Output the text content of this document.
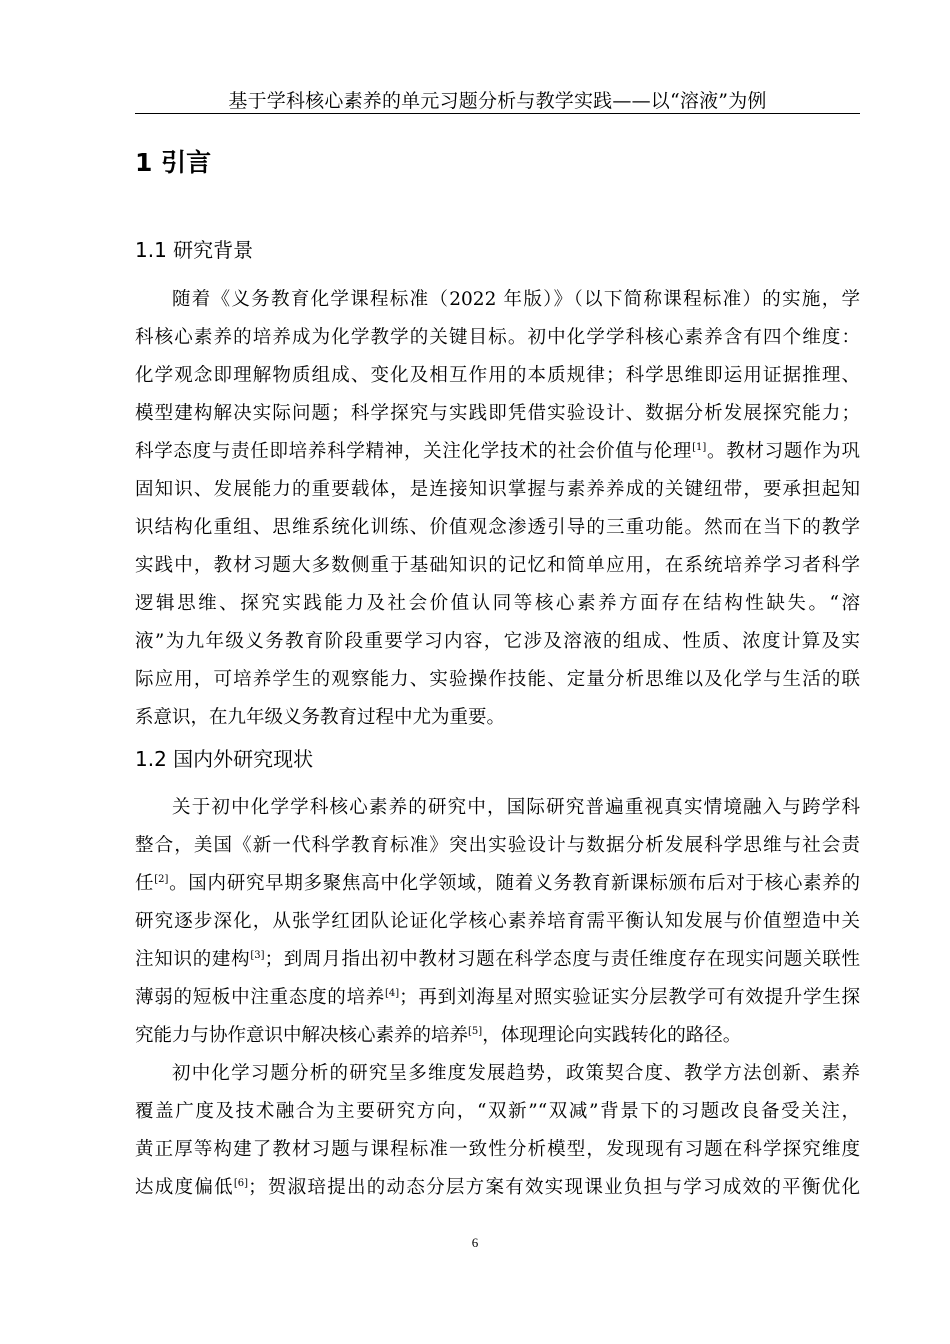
基于学科核心素养的单元习题分析与教学实践——以“溶液”为例
1 引言
1.1 研究背景
随着《义务教育化学课程标准（2022 年版）》（以下简称课程标准）的实施，学
科核心素养的培养成为化学教学的关键目标。初中化学学科核心素养含有四个维度：
化学观念即理解物质组成、变化及相互作用的本质规律；科学思维即运用证据推理、
模型建构解决实际问题；科学探究与实践即凭借实验设计、数据分析发展探究能力；
科学态度与责任即培养科学精神，关注化学技术的社会价值与伦理[1]。教材习题作为巩
固知识、发展能力的重要载体，是连接知识掌握与素养养成的关键纽带，要承担起知
识结构化重组、思维系统化训练、价值观念渗透引导的三重功能。然而在当下的教学
实践中，教材习题大多数侧重于基础知识的记忆和简单应用，在系统培养学习者科学
逻辑思维、探究实践能力及社会价值认同等核心素养方面存在结构性缺失。“溶
液”为九年级义务教育阶段重要学习内容，它涉及溶液的组成、性质、浓度计算及实
际应用，可培养学生的观察能力、实验操作技能、定量分析思维以及化学与生活的联
系意识，在九年级义务教育过程中尤为重要。
1.2 国内外研究现状
关于初中化学学科核心素养的研究中，国际研究普遍重视真实情境融入与跨学科
整合，美国《新一代科学教育标准》突出实验设计与数据分析发展科学思维与社会责
任[2]。国内研究早期多聚焦高中化学领域，随着义务教育新课标颁布后对于核心素养的
研究逐步深化，从张学红团队论证化学核心素养培育需平衡认知发展与价值塑造中关
注知识的建构[3]；到周月指出初中教材习题在科学态度与责任维度存在现实问题关联性
薄弱的短板中注重态度的培养[4]；再到刘海星对照实验证实分层教学可有效提升学生探
究能力与协作意识中解决核心素养的培养[5]，体现理论向实践转化的路径。
初中化学习题分析的研究呈多维度发展趋势，政策契合度、教学方法创新、素养
覆盖广度及技术融合为主要研究方向，“双新”“双减”背景下的习题改良备受关注，
黄正厚等构建了教材习题与课程标准一致性分析模型，发现现有习题在科学探究维度
达成度偏低[6]；贺淑琣提出的动态分层方案有效实现课业负担与学习成效的平衡优化
6
